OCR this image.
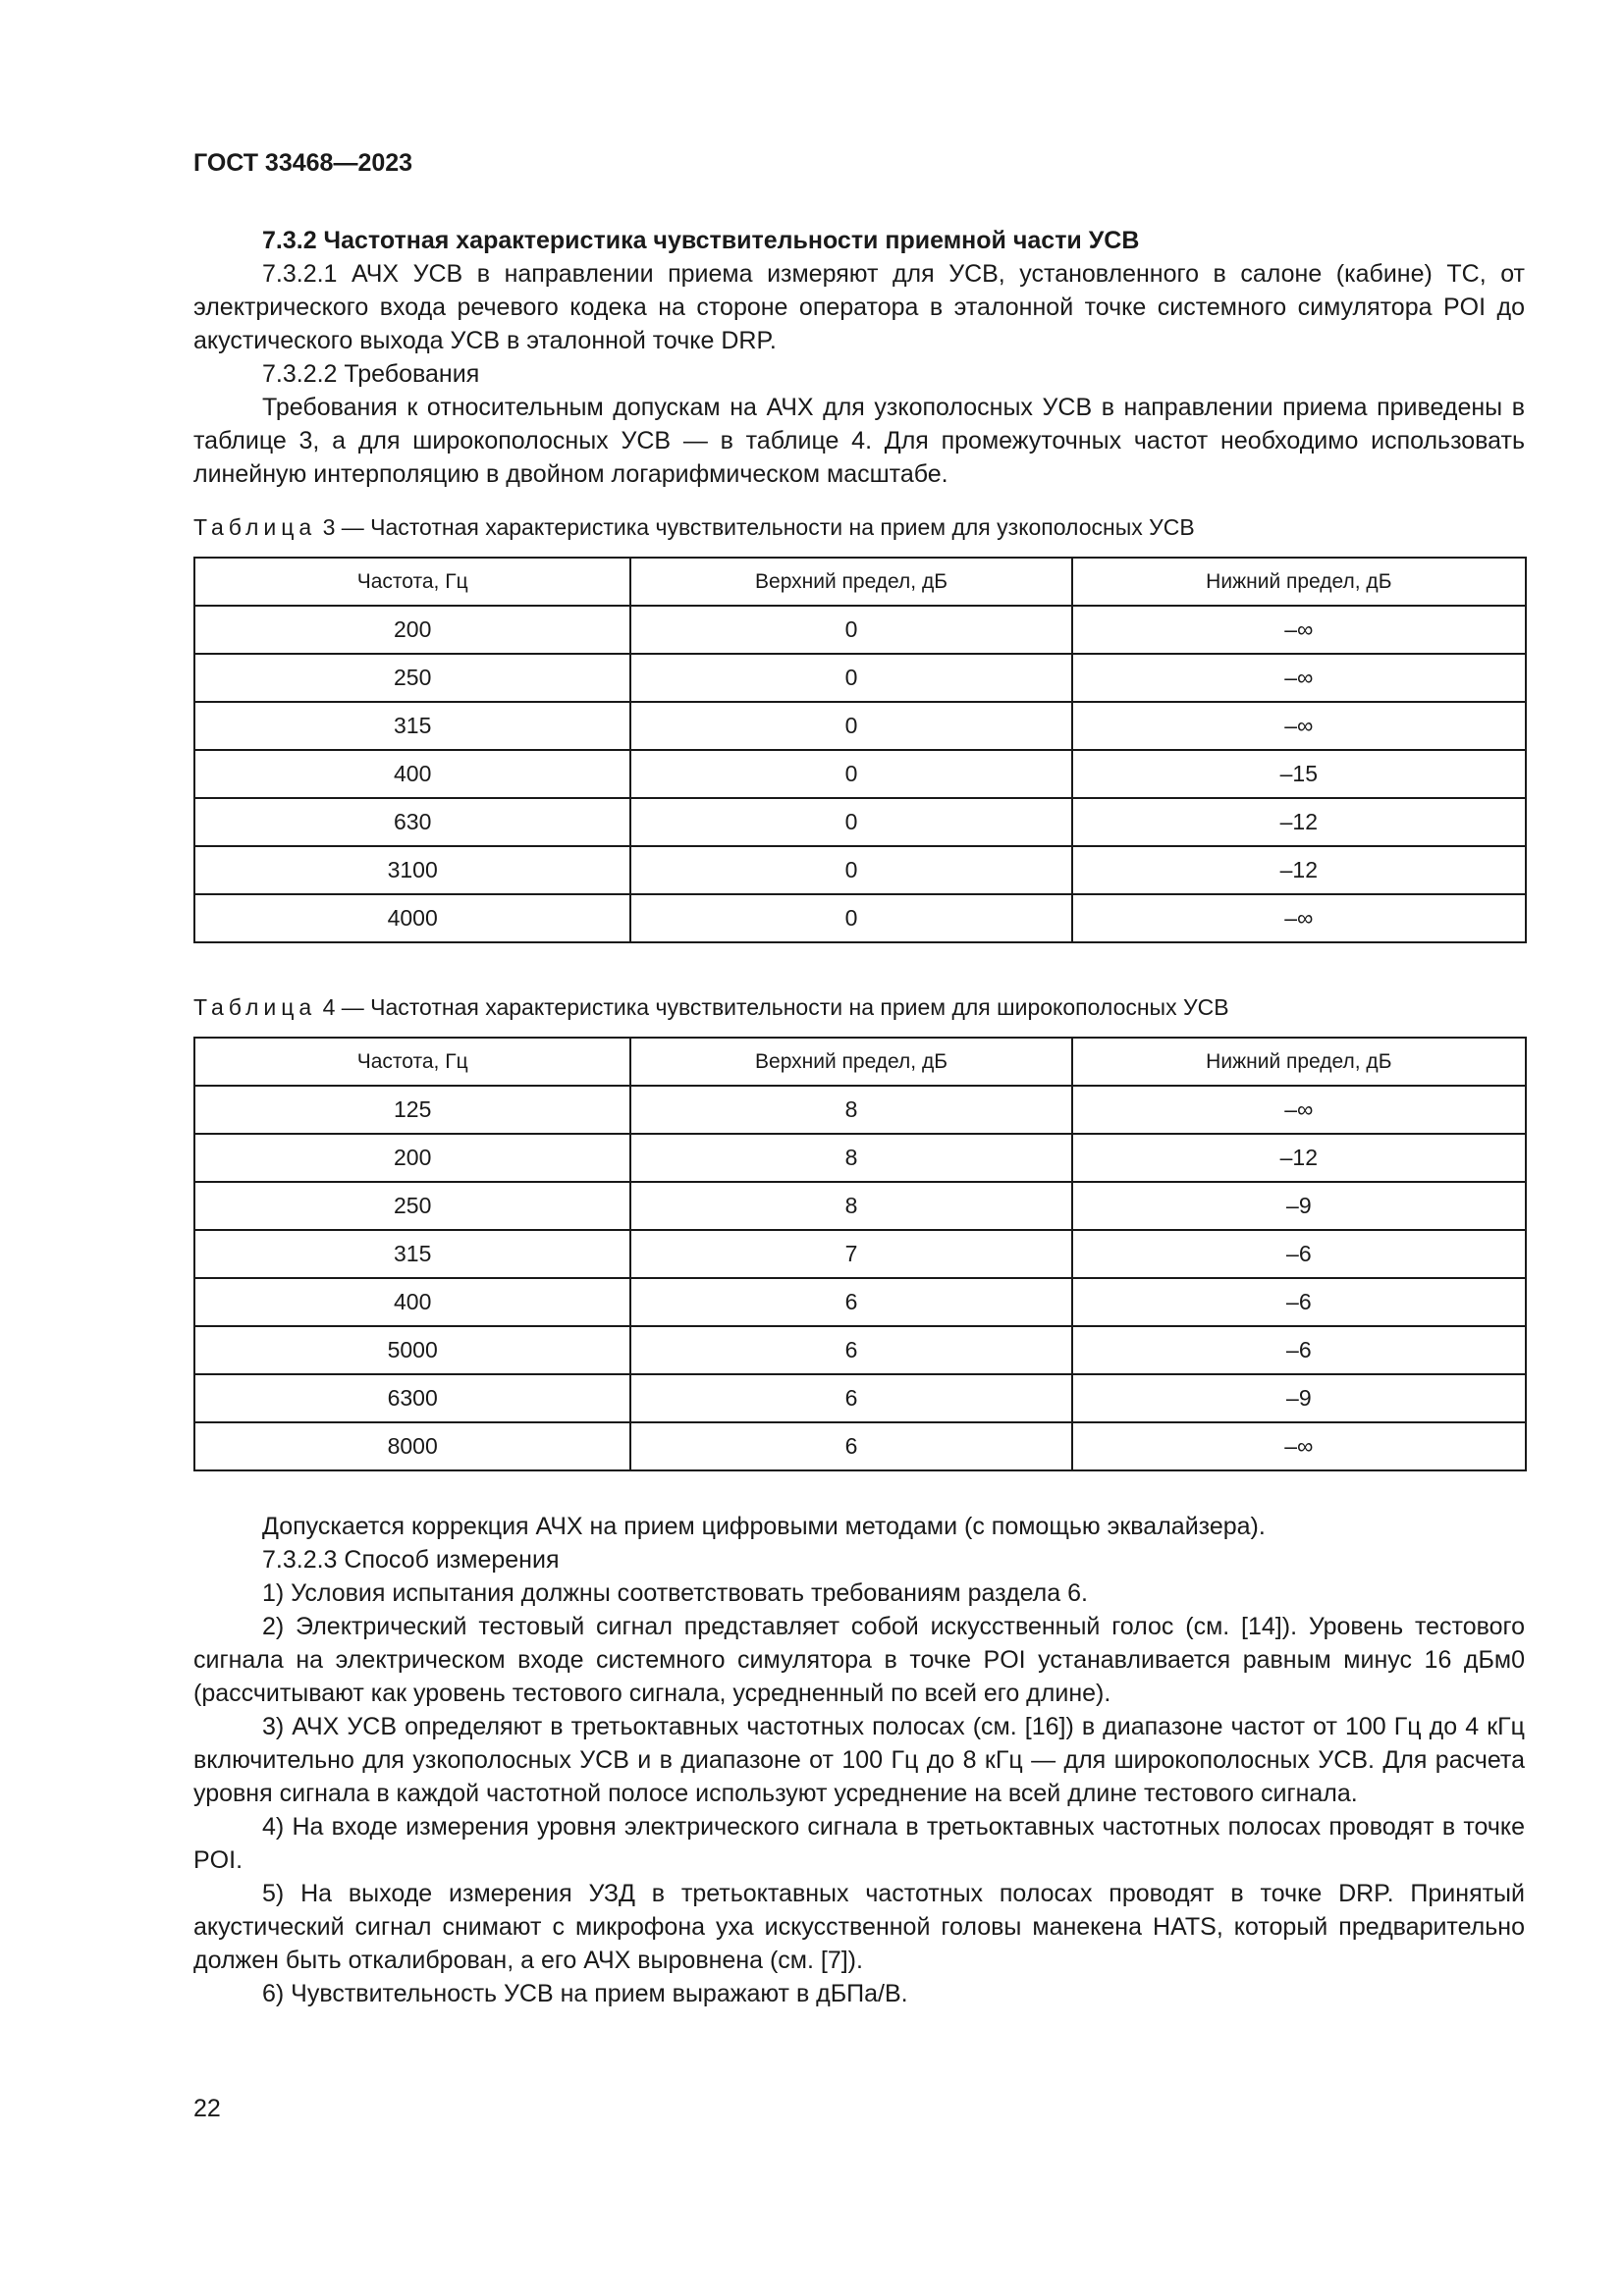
ГОСТ 33468—2023

7.3.2 Частотная характеристика чувствительности приемной части УСВ

7.3.2.1 АЧХ УСВ в направлении приема измеряют для УСВ, установленного в салоне (кабине) ТС, от электрического входа речевого кодека на стороне оператора в эталонной точке системного симулятора POI до акустического выхода УСВ в эталонной точке DRP.

7.3.2.2 Требования

Требования к относительным допускам на АЧХ для узкополосных УСВ в направлении приема приведены в таблице 3, а для широкополосных УСВ — в таблице 4. Для промежуточных частот необходимо использовать линейную интерполяцию в двойном логарифмическом масштабе.

Таблица 3 — Частотная характеристика чувствительности на прием для узкополосных УСВ
Частота, Гц	Верхний предел, дБ	Нижний предел, дБ
200	0	–∞
250	0	–∞
315	0	–∞
400	0	–15
630	0	–12
3100	0	–12
4000	0	–∞
Таблица 4 — Частотная характеристика чувствительности на прием для широкополосных УСВ
Частота, Гц	Верхний предел, дБ	Нижний предел, дБ
125	8	–∞
200	8	–12
250	8	–9
315	7	–6
400	6	–6
5000	6	–6
6300	6	–9
8000	6	–∞

Допускается коррекция АЧХ на прием цифровыми методами (с помощью эквалайзера).

7.3.2.3 Способ измерения

1) Условия испытания должны соответствовать требованиям раздела 6.

2) Электрический тестовый сигнал представляет собой искусственный голос (см. [14]). Уровень тестового сигнала на электрическом входе системного симулятора в точке POI устанавливается равным минус 16 дБм0 (рассчитывают как уровень тестового сигнала, усредненный по всей его длине).

3) АЧХ УСВ определяют в третьоктавных частотных полосах (см. [16]) в диапазоне частот от 100 Гц до 4 кГц включительно для узкополосных УСВ и в диапазоне от 100 Гц до 8 кГц — для широкополосных УСВ. Для расчета уровня сигнала в каждой частотной полосе используют усреднение на всей длине тестового сигнала.

4) На входе измерения уровня электрического сигнала в третьоктавных частотных полосах проводят в точке POI.

5) На выходе измерения УЗД в третьоктавных частотных полосах проводят в точке DRP. Принятый акустический сигнал снимают с микрофона уха искусственной головы манекена HATS, который предварительно должен быть откалиброван, а его АЧХ выровнена (см. [7]).

6) Чувствительность УСВ на прием выражают в дБПа/В.

22
